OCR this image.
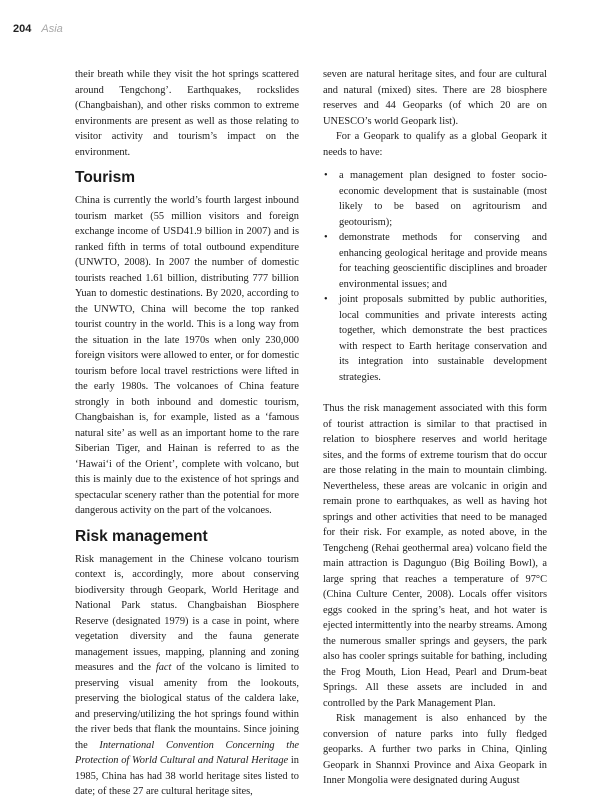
204 Asia

their breath while they visit the hot springs scattered around Tengchong’. Earthquakes, rockslides (Changbaishan), and other risks common to extreme environments are present as well as those relating to visitor activity and tourism’s impact on the environment.

Tourism

China is currently the world’s fourth largest inbound tourism market (55 million visitors and foreign exchange income of USD41.9 billion in 2007) and is ranked fifth in terms of total outbound expenditure (UNWTO, 2008). In 2007 the number of domestic tourists reached 1.61 billion, distributing 777 billion Yuan to domestic destinations. By 2020, according to the UNWTO, China will become the top ranked tourist country in the world. This is a long way from the situation in the late 1970s when only 230,000 foreign visitors were allowed to enter, or for domestic tourism before local travel restrictions were lifted in the early 1980s. The volcanoes of China feature strongly in both inbound and domestic tourism, Changbaishan is, for example, listed as a ‘famous natural site’ as well as an important home to the rare Siberian Tiger, and Hainan is referred to as the ‘Hawai‘i of the Orient’, complete with volcano, but this is mainly due to the existence of hot springs and spectacular scenery rather than the potential for more dangerous activity on the part of the volcanoes.

Risk management

Risk management in the Chinese volcano tourism context is, accordingly, more about conserving biodiversity through Geopark, World Heritage and National Park status. Changbaishan Biosphere Reserve (designated 1979) is a case in point, where vegetation diversity and the fauna generate management issues, mapping, planning and zoning measures and the fact of the volcano is limited to preserving visual amenity from the lookouts, preserving the biological status of the caldera lake, and preserving/utilizing the hot springs found within the river beds that flank the mountains. Since joining the International Convention Concerning the Protection of World Cultural and Natural Heritage in 1985, China has had 38 world heritage sites listed to date; of these 27 are cultural heritage sites,

seven are natural heritage sites, and four are cultural and natural (mixed) sites. There are 28 biosphere reserves and 44 Geoparks (of which 20 are on UNESCO’s world Geopark list).

For a Geopark to qualify as a global Geopark it needs to have:

• a management plan designed to foster socio-economic development that is sustainable (most likely to be based on agritourism and geotourism);
• demonstrate methods for conserving and enhancing geological heritage and provide means for teaching geoscientific disciplines and broader environmental issues; and
• joint proposals submitted by public authorities, local communities and private interests acting together, which demonstrate the best practices with respect to Earth heritage conservation and its integration into sustainable development strategies.

Thus the risk management associated with this form of tourist attraction is similar to that practised in relation to biosphere reserves and world heritage sites, and the forms of extreme tourism that do occur are those relating in the main to mountain climbing. Nevertheless, these areas are volcanic in origin and remain prone to earthquakes, as well as having hot springs and other activities that need to be managed for their risk. For example, as noted above, in the Tengcheng (Rehai geothermal area) volcano field the main attraction is Dagunguo (Big Boiling Bowl), a large spring that reaches a temperature of 97°C (China Culture Center, 2008). Locals offer visitors eggs cooked in the spring’s heat, and hot water is ejected intermittently into the nearby streams. Among the numerous smaller springs and geysers, the park also has cooler springs suitable for bathing, including the Frog Mouth, Lion Head, Pearl and Drum-beat Springs. All these assets are included in and controlled by the Park Management Plan.

Risk management is also enhanced by the conversion of nature parks into fully fledged geoparks. A further two parks in China, Qinling Geopark in Shannxi Province and Aixa Geopark in Inner Mongolia were designated during August
